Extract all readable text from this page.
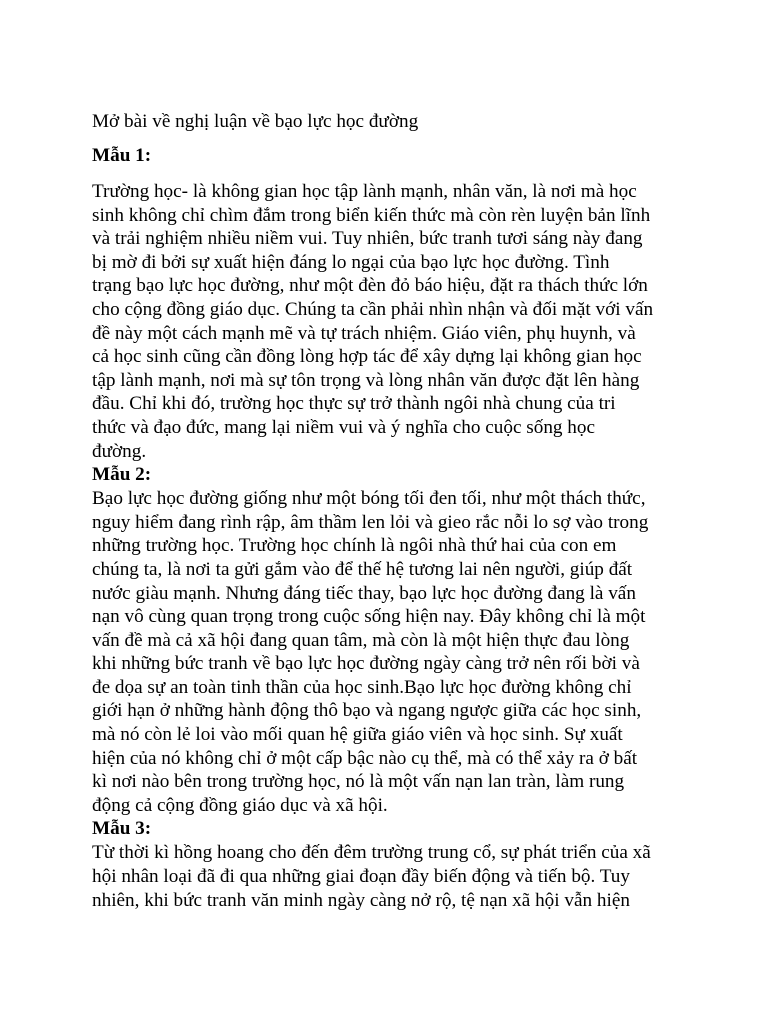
Mở bài về nghị luận về bạo lực học đường

Mẫu 1:

Trường học- là không gian học tập lành mạnh, nhân văn, là nơi mà học
sinh không chỉ chìm đắm trong biển kiến thức mà còn rèn luyện bản lĩnh
và trải nghiệm nhiều niềm vui. Tuy nhiên, bức tranh tươi sáng này đang
bị mờ đi bởi sự xuất hiện đáng lo ngại của bạo lực học đường. Tình
trạng bạo lực học đường, như một đèn đỏ báo hiệu, đặt ra thách thức lớn
cho cộng đồng giáo dục. Chúng ta cần phải nhìn nhận và đối mặt với vấn
đề này một cách mạnh mẽ và tự trách nhiệm. Giáo viên, phụ huynh, và
cả học sinh cũng cần đồng lòng hợp tác để xây dựng lại không gian học
tập lành mạnh, nơi mà sự tôn trọng và lòng nhân văn được đặt lên hàng
đầu. Chỉ khi đó, trường học thực sự trở thành ngôi nhà chung của tri
thức và đạo đức, mang lại niềm vui và ý nghĩa cho cuộc sống học
đường.

Mẫu 2:

Bạo lực học đường giống như một bóng tối đen tối, như một thách thức,
nguy hiểm đang rình rập, âm thầm len lỏi và gieo rắc nỗi lo sợ vào trong
những trường học. Trường học chính là ngôi nhà thứ hai của con em
chúng ta, là nơi ta gửi gắm vào để thế hệ tương lai nên người, giúp đất
nước giàu mạnh. Nhưng đáng tiếc thay, bạo lực học đường đang là vấn
nạn vô cùng quan trọng trong cuộc sống hiện nay. Đây không chỉ là một
vấn đề mà cả xã hội đang quan tâm, mà còn là một hiện thực đau lòng
khi những bức tranh về bạo lực học đường ngày càng trở nên rối bời và
đe dọa sự an toàn tinh thần của học sinh.Bạo lực học đường không chỉ
giới hạn ở những hành động thô bạo và ngang ngược giữa các học sinh,
mà nó còn lẻ loi vào mối quan hệ giữa giáo viên và học sinh. Sự xuất
hiện của nó không chỉ ở một cấp bậc nào cụ thể, mà có thể xảy ra ở bất
kì nơi nào bên trong trường học, nó là một vấn nạn lan tràn, làm rung
động cả cộng đồng giáo dục và xã hội.

Mẫu 3:

Từ thời kì hồng hoang cho đến đêm trường trung cổ, sự phát triển của xã
hội nhân loại đã đi qua những giai đoạn đầy biến động và tiến bộ. Tuy
nhiên, khi bức tranh văn minh ngày càng nở rộ, tệ nạn xã hội vẫn hiện
